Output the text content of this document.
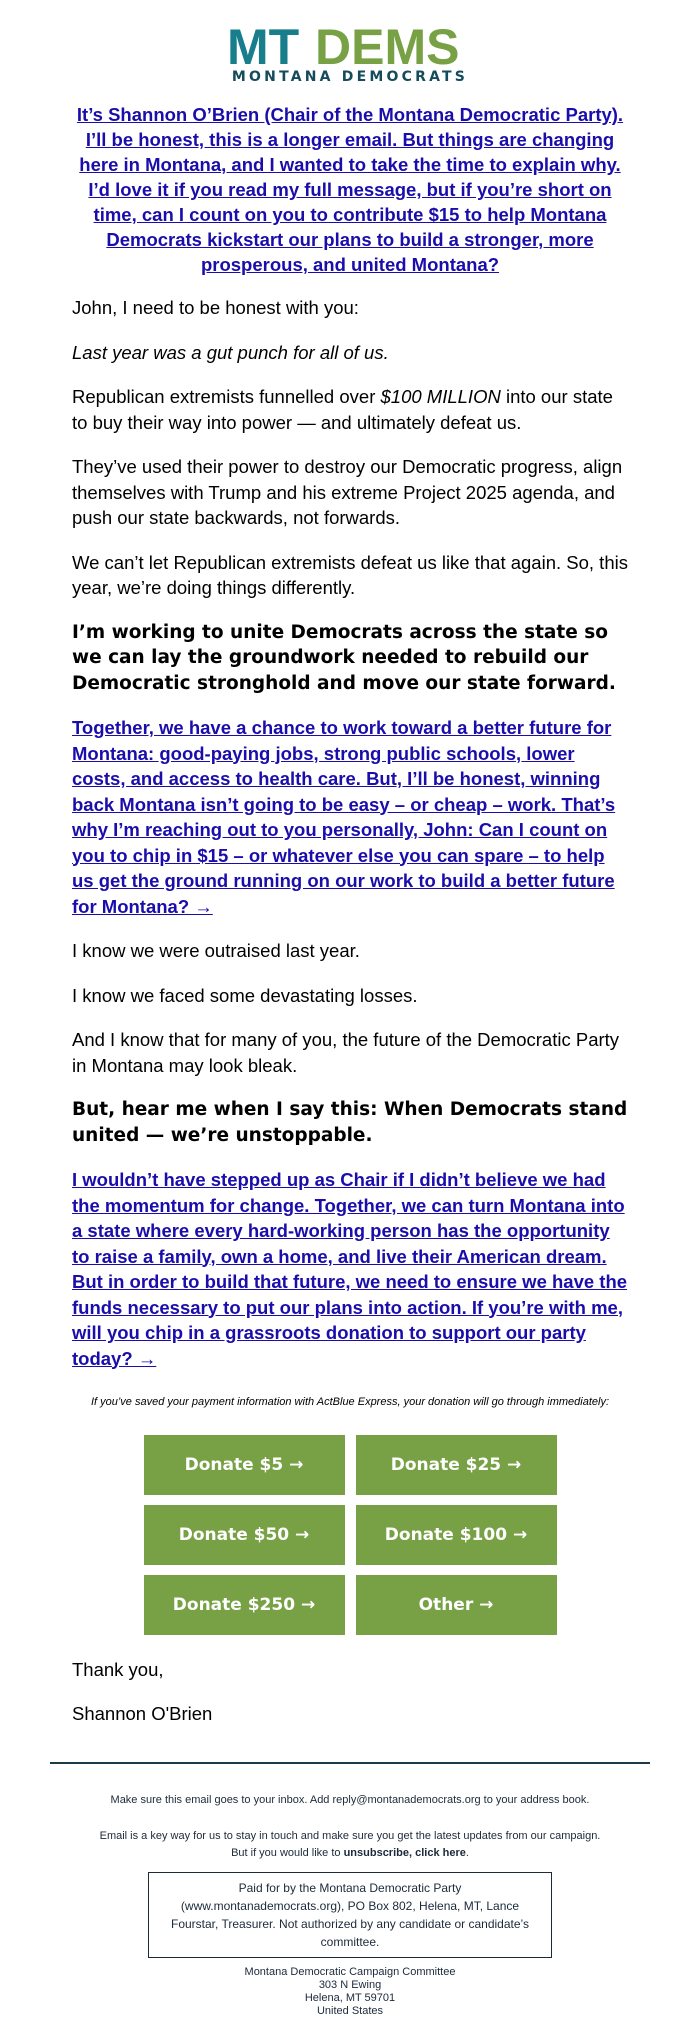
MT DEMS
MONTANA DEMOCRATS
It’s Shannon O’Brien (Chair of the Montana Democratic Party). I’ll be honest, this is a longer email. But things are changing here in Montana, and I wanted to take the time to explain why. I’d love it if you read my full message, but if you’re short on time, can I count on you to contribute $15 to help Montana Democrats kickstart our plans to build a stronger, more prosperous, and united Montana?

John, I need to be honest with you:

Last year was a gut punch for all of us.

Republican extremists funnelled over $100 MILLION into our state to buy their way into power — and ultimately defeat us.

They’ve used their power to destroy our Democratic progress, align themselves with Trump and his extreme Project 2025 agenda, and push our state backwards, not forwards.

We can’t let Republican extremists defeat us like that again. So, this year, we’re doing things differently.

I’m working to unite Democrats across the state so we can lay the groundwork needed to rebuild our Democratic stronghold and move our state forward.

Together, we have a chance to work toward a better future for Montana: good-paying jobs, strong public schools, lower costs, and access to health care. But, I’ll be honest, winning back Montana isn’t going to be easy – or cheap – work. That’s why I’m reaching out to you personally, John: Can I count on you to chip in $15 – or whatever else you can spare – to help us get the ground running on our work to build a better future for Montana? →

I know we were outraised last year.

I know we faced some devastating losses.

And I know that for many of you, the future of the Democratic Party in Montana may look bleak.

But, hear me when I say this: When Democrats stand united — we’re unstoppable.

I wouldn’t have stepped up as Chair if I didn’t believe we had the momentum for change. Together, we can turn Montana into a state where every hard-working person has the opportunity to raise a family, own a home, and live their American dream. But in order to build that future, we need to ensure we have the funds necessary to put our plans into action. If you’re with me, will you chip in a grassroots donation to support our party today? →

If you’ve saved your payment information with ActBlue Express, your donation will go through immediately:
Donate $5 →	Donate $25 →
Donate $50 →	Donate $100 →
Donate $250 →	Other →

Thank you,

Shannon O'Brien

Make sure this email goes to your inbox. Add reply@montanademocrats.org to your address book.
Email is a key way for us to stay in touch and make sure you get the latest updates from our campaign.
But if you would like to unsubscribe, click here.
Paid for by the Montana Democratic Party (www.montanademocrats.org), PO Box 802, Helena, MT, Lance Fourstar, Treasurer. Not authorized by any candidate or candidate’s committee.
Montana Democratic Campaign Committee
303 N Ewing
Helena, MT 59701
United States
